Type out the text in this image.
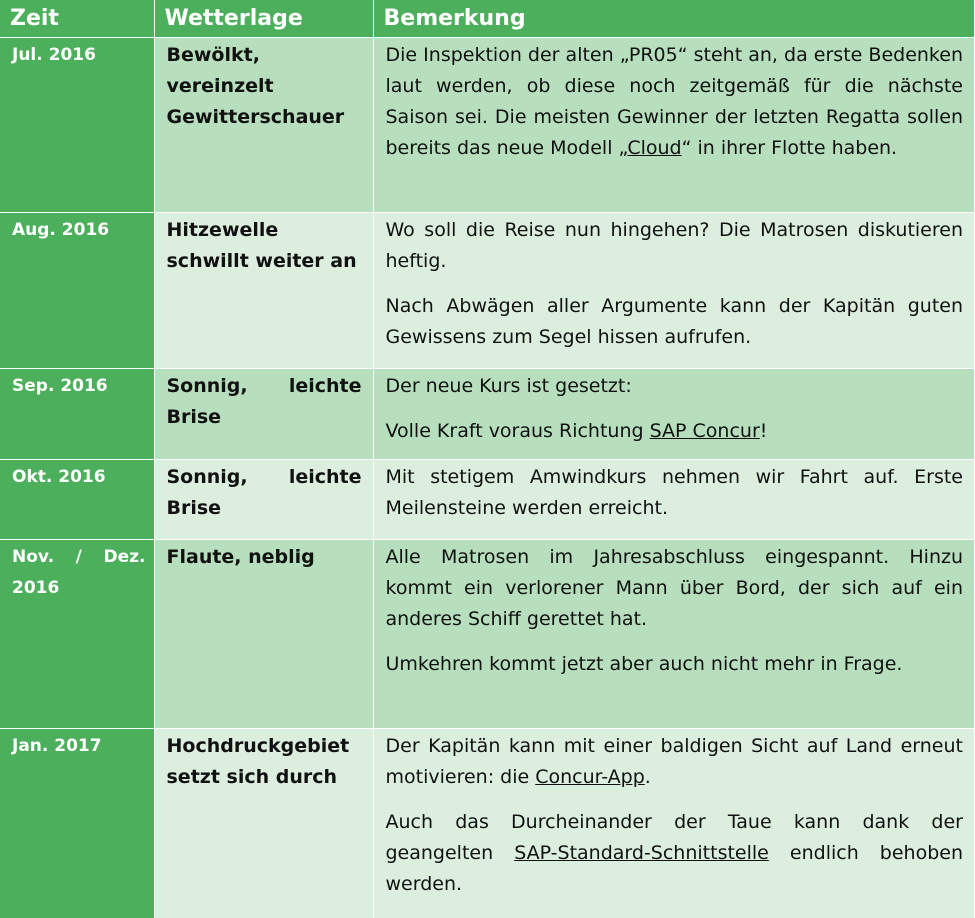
Zeit	Wetterlage	Bemerkung
Jul. 2016	Bewölkt, vereinzelt Gewitterschauer	Die Inspektion der alten „PR05“ steht an, da erste Bedenken laut werden, ob diese noch zeitgemäß für die nächste Saison sei. Die meisten Gewinner der letzten Regatta sollen bereits das neue Modell „Cloud“ in ihrer Flotte haben.

Aug. 2016	Hitzewelle schwillt weiter an	Wo soll die Reise nun hingehen? Die Matrosen diskutieren heftig.

Nach Abwägen aller Argumente kann der Kapitän guten Gewissens zum Segel hissen aufrufen.

Sep. 2016	Sonnig, leichte Brise	Der neue Kurs ist gesetzt:

Volle Kraft voraus Richtung SAP Concur!

Okt. 2016	Sonnig, leichte Brise	Mit stetigem Amwindkurs nehmen wir Fahrt auf. Erste Meilensteine werden erreicht.

Nov. / Dez. 2016	Flaute, neblig	Alle Matrosen im Jahresabschluss eingespannt. Hinzu kommt ein verlorener Mann über Bord, der sich auf ein anderes Schiff gerettet hat.

Umkehren kommt jetzt aber auch nicht mehr in Frage.

Jan. 2017	Hochdruckgebiet setzt sich durch	Der Kapitän kann mit einer baldigen Sicht auf Land erneut motivieren: die Concur-App.

Auch das Durcheinander der Taue kann dank der geangelten SAP-Standard-Schnittstelle endlich behoben werden.
